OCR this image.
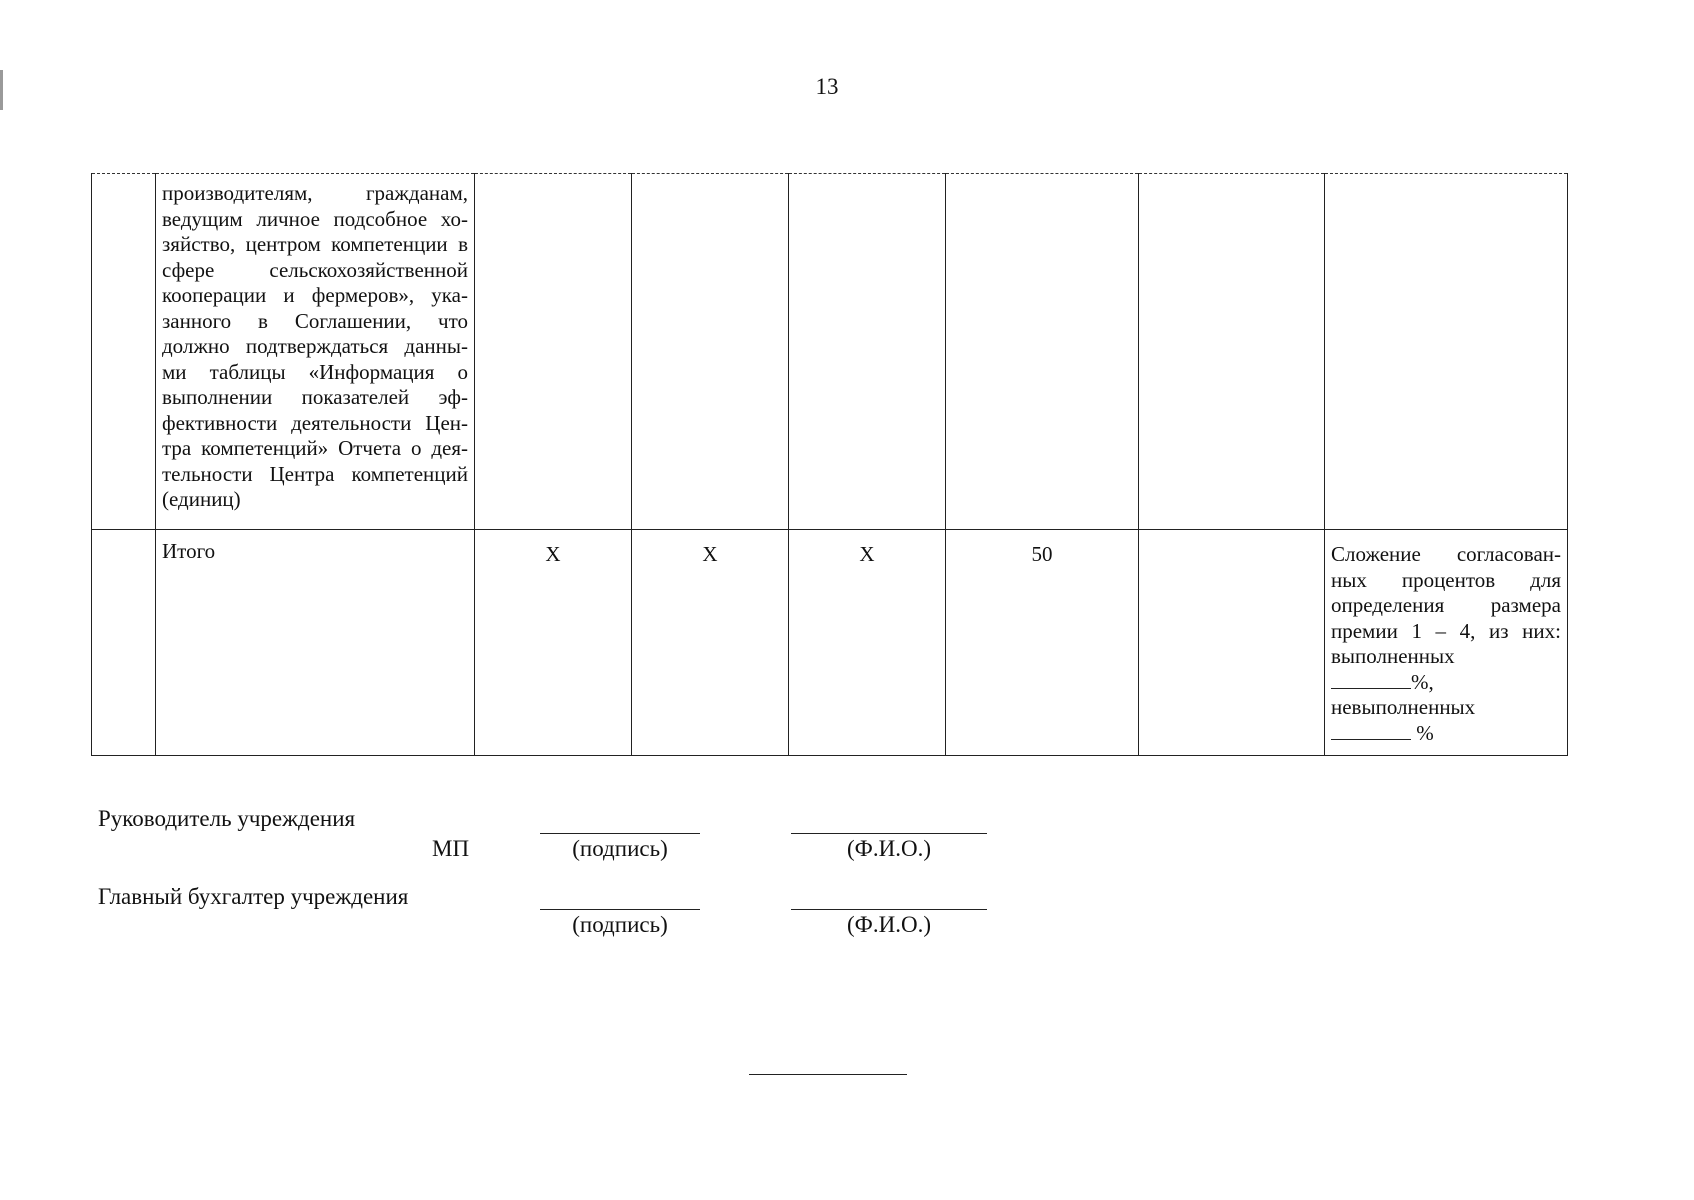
13
	производителям, гражданам, ведущим личное подсобное хо-зяйство, центром компетенции в сфере сельскохозяйственной кооперации и фермеров», ука-занного в Соглашении, что должно подтверждаться данны-ми таблицы «Информация о выполнении показателей эф-фективности деятельности Цен-тра компетенций» Отчета о дея-тельности Центра компетенций (единиц)						
	Итого	X	X	X	50		Сложение согласован-ных процентов для определения размера премии 1 – 4, из них: выполненных
%,
невыполненных
%
Руководитель учреждения
МП	(подпись)	(Ф.И.О.)
Главный бухгалтер учреждения
(подпись)	(Ф.И.О.)
